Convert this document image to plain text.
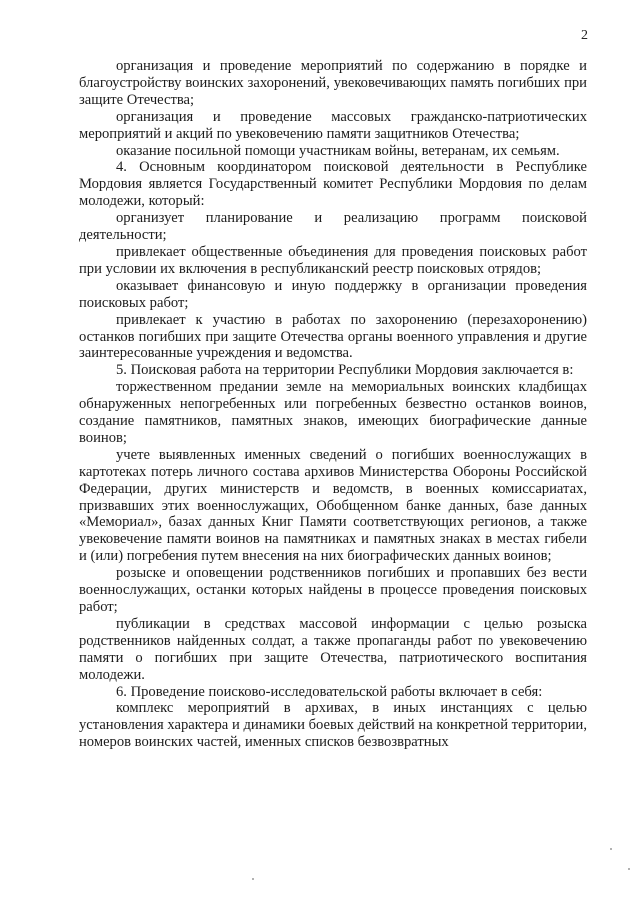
2

организация и проведение мероприятий по содержанию в порядке и благоустройству воинских захоронений, увековечивающих память погибших при защите Отечества;

организация и проведение массовых гражданско-патриотических мероприятий и акций по увековечению памяти защитников Отечества;

оказание посильной помощи участникам войны, ветеранам, их семьям.

4. Основным координатором поисковой деятельности в Республике Мордовия является Государственный комитет Республики Мордовия по делам молодежи, который:

организует планирование и реализацию программ поисковой деятельности;

привлекает общественные объединения для проведения поисковых работ при условии их включения в республиканский реестр поисковых отрядов;

оказывает финансовую и иную поддержку в организации проведения поисковых работ;

привлекает к участию в работах по захоронению (перезахоронению) останков погибших при защите Отечества органы военного управления и другие заинтересованные учреждения и ведомства.

5. Поисковая работа на территории Республики Мордовия заключается в:

торжественном предании земле на мемориальных воинских кладбищах обнаруженных непогребенных или погребенных безвестно останков воинов, создание памятников, памятных знаков, имеющих биографические данные воинов;

учете выявленных именных сведений о погибших военнослужащих в картотеках потерь личного состава архивов Министерства Обороны Российской Федерации, других министерств и ведомств, в военных комиссариатах, призвавших этих военнослужащих, Обобщенном банке данных, базе данных «Мемориал», базах данных Книг Памяти соответствующих регионов, а также увековечение памяти воинов на памятниках и памятных знаках в местах гибели и (или) погребения путем внесения на них биографических данных воинов;

розыске и оповещении родственников погибших и пропавших без вести военнослужащих, останки которых найдены в процессе проведения поисковых работ;

публикации в средствах массовой информации с целью розыска родственников найденных солдат, а также пропаганды работ по увековечению памяти о погибших при защите Отечества, патриотического воспитания молодежи.

6. Проведение поисково-исследовательской работы включает в себя:

комплекс мероприятий в архивах, в иных инстанциях с целью установления характера и динамики боевых действий на конкретной территории, номеров воинских частей, именных списков безвозвратных
